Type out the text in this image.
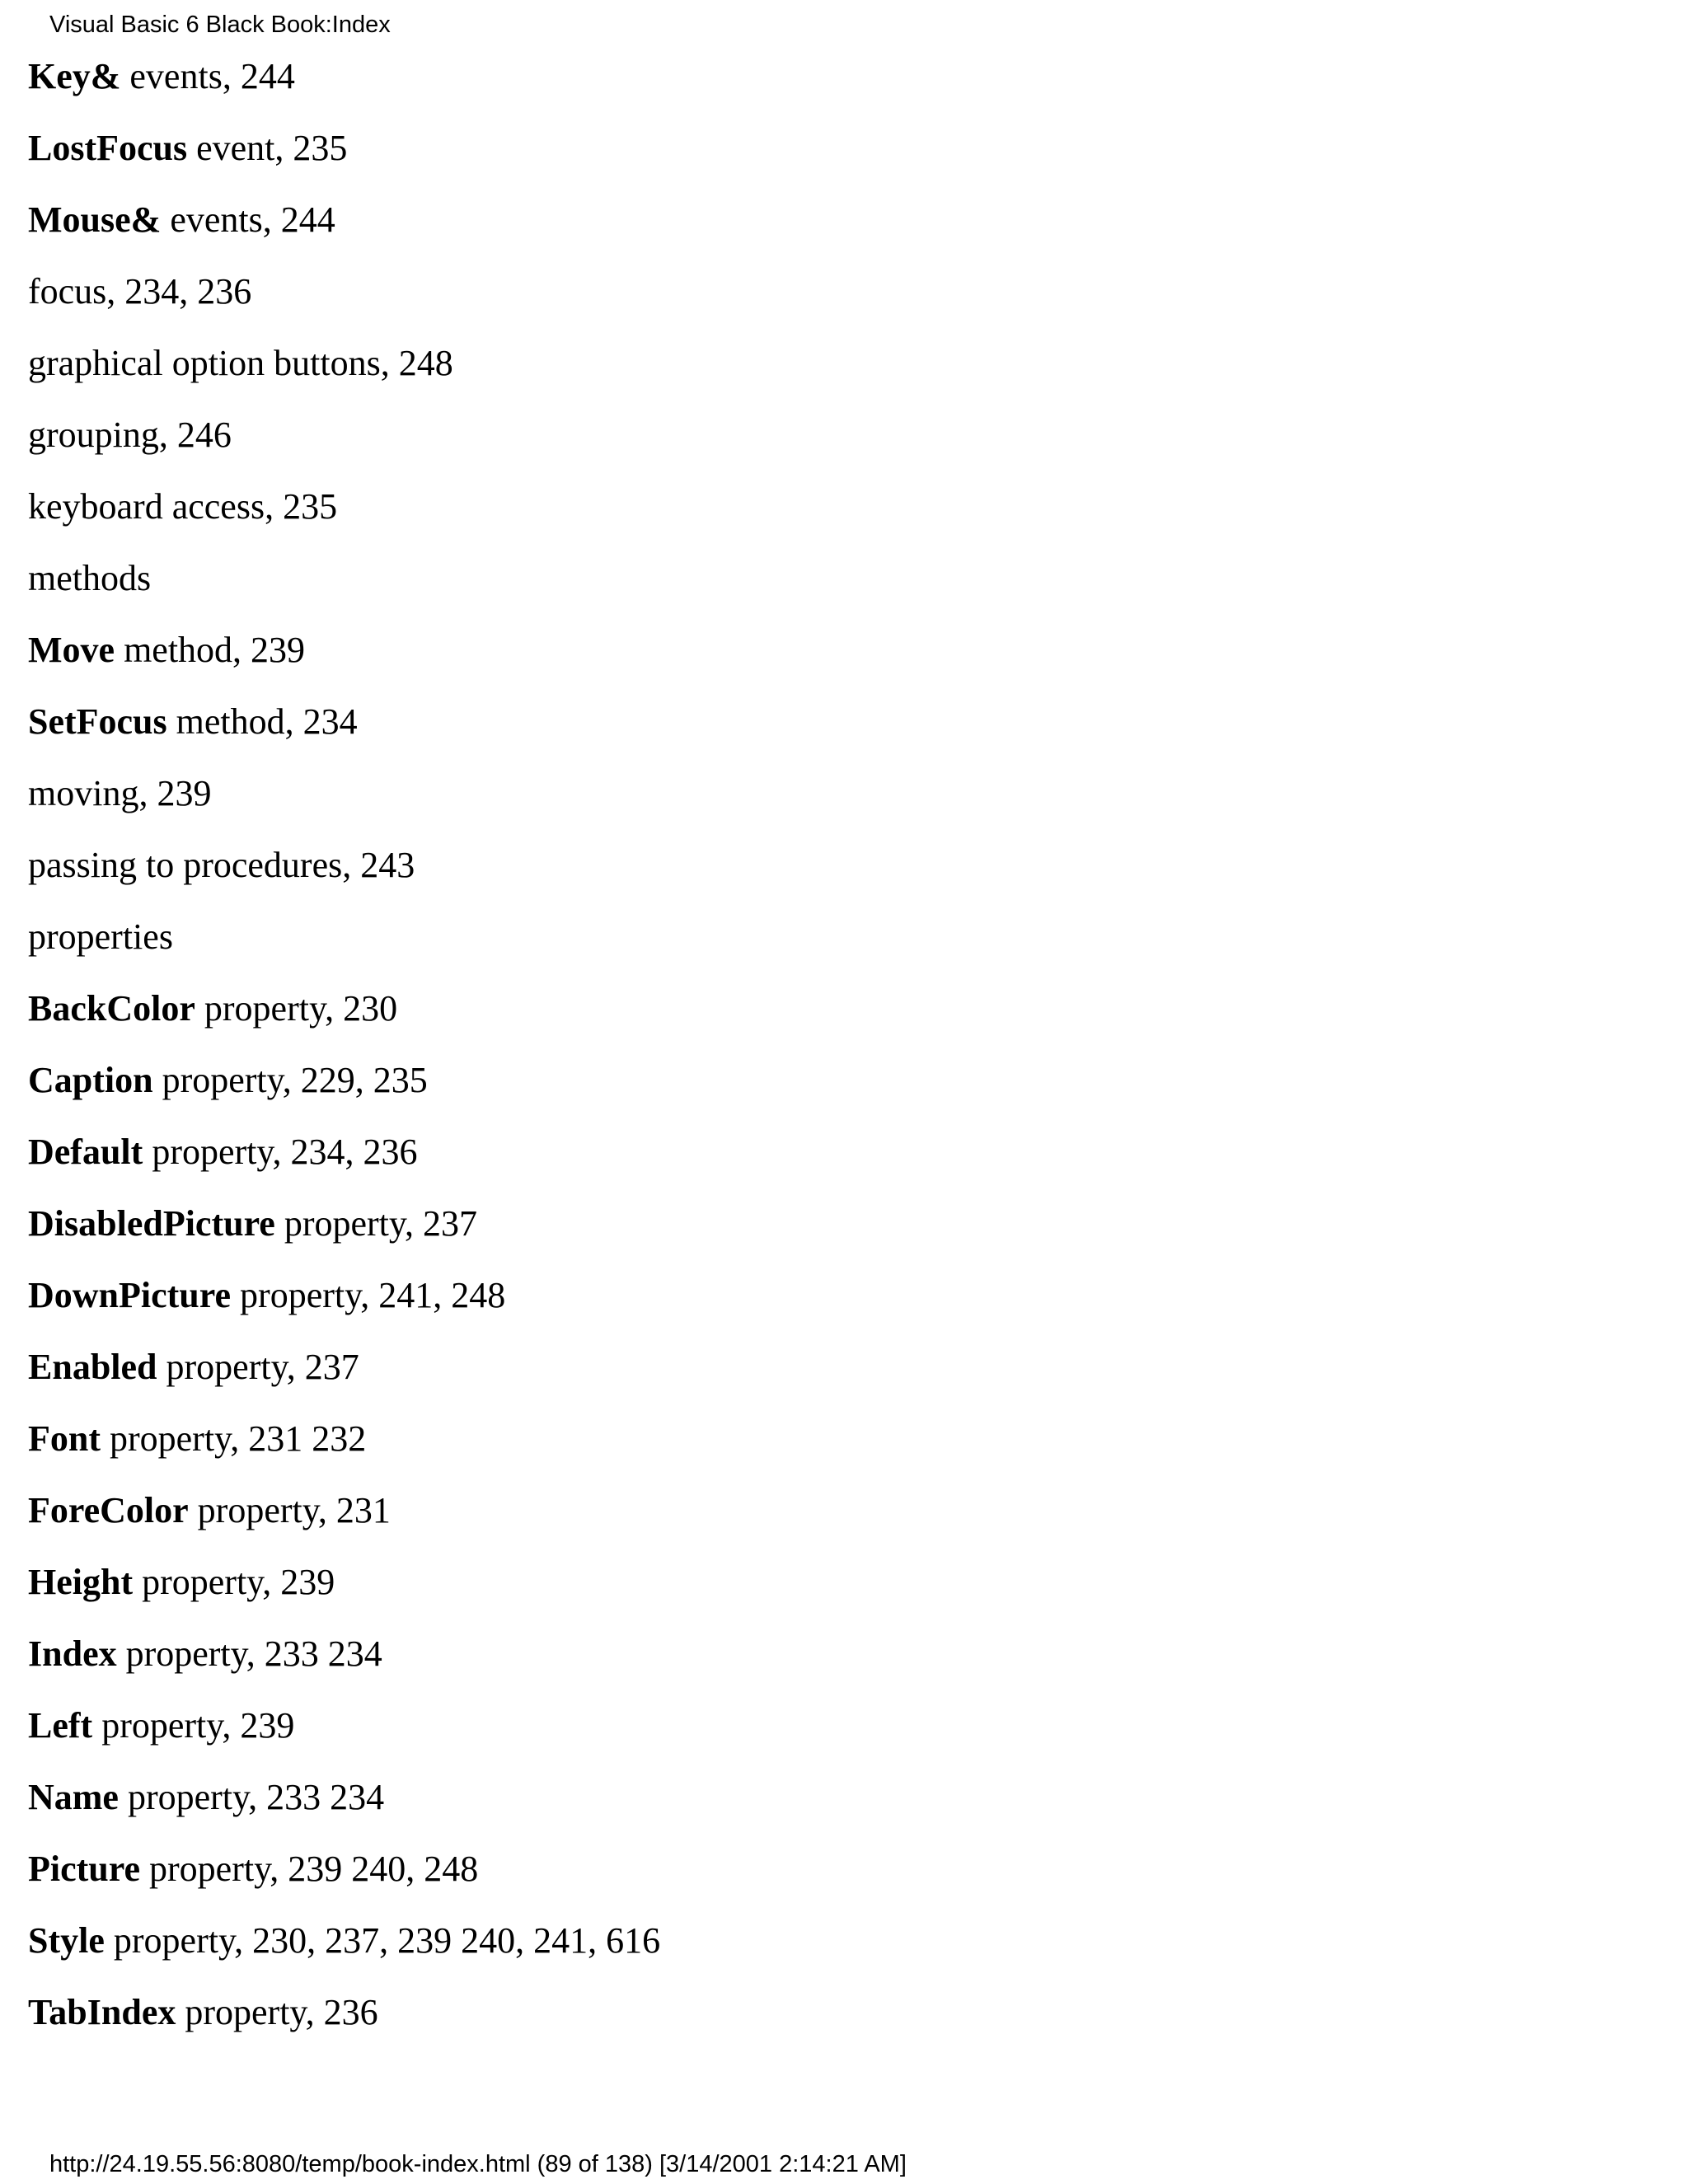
Visual Basic 6 Black Book:Index
Key& events, 244
LostFocus event, 235
Mouse& events, 244
focus, 234, 236
graphical option buttons, 248
grouping, 246
keyboard access, 235
methods
Move method, 239
SetFocus method, 234
moving, 239
passing to procedures, 243
properties
BackColor property, 230
Caption property, 229, 235
Default property, 234, 236
DisabledPicture property, 237
DownPicture property, 241, 248
Enabled property, 237
Font property, 231 232
ForeColor property, 231
Height property, 239
Index property, 233 234
Left property, 239
Name property, 233 234
Picture property, 239 240, 248
Style property, 230, 237, 239 240, 241, 616
TabIndex property, 236
http://24.19.55.56:8080/temp/book-index.html (89 of 138) [3/14/2001 2:14:21 AM]
